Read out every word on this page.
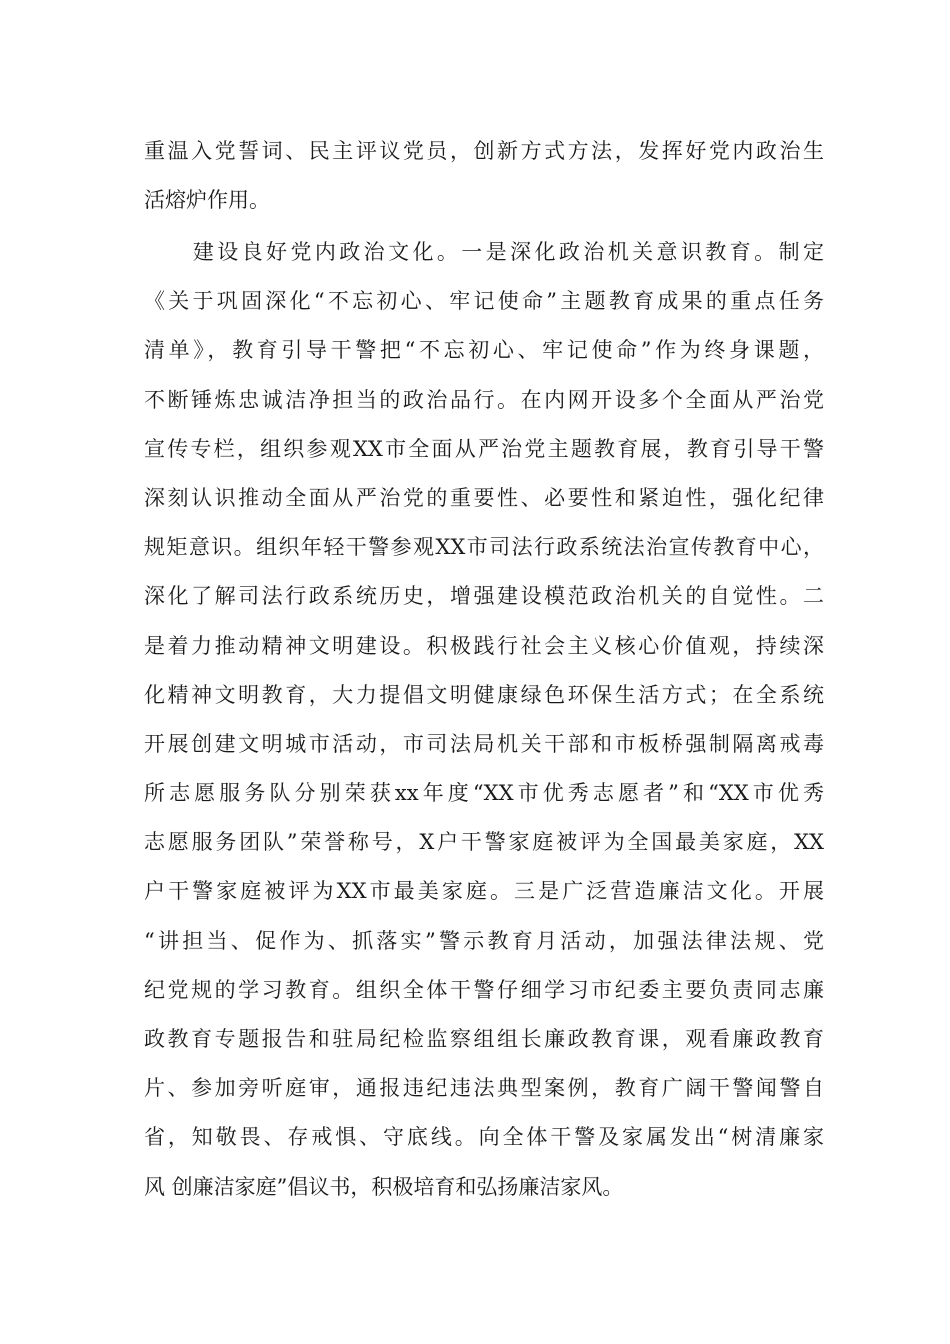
重温入党誓词、民主评议党员，创新方式方法，发挥好党内政治生
活熔炉作用。
　　建设良好党内政治文化。一是深化政治机关意识教育。制定
《关于巩固深化“不忘初心、牢记使命”主题教育成果的重点任务
清单》，教育引导干警把“不忘初心、牢记使命”作为终身课题，
不断锤炼忠诚洁净担当的政治品行。在内网开设多个全面从严治党
宣传专栏，组织参观XX市全面从严治党主题教育展，教育引导干警
深刻认识推动全面从严治党的重要性、必要性和紧迫性，强化纪律
规矩意识。组织年轻干警参观XX市司法行政系统法治宣传教育中心，
深化了解司法行政系统历史，增强建设模范政治机关的自觉性。二
是着力推动精神文明建设。积极践行社会主义核心价值观，持续深
化精神文明教育，大力提倡文明健康绿色环保生活方式；在全系统
开展创建文明城市活动，市司法局机关干部和市板桥强制隔离戒毒
所志愿服务队分别荣获xx年度“XX市优秀志愿者”和“XX市优秀
志愿服务团队”荣誉称号，X户干警家庭被评为全国最美家庭，XX
户干警家庭被评为XX市最美家庭。三是广泛营造廉洁文化。开展
“讲担当、促作为、抓落实”警示教育月活动，加强法律法规、党
纪党规的学习教育。组织全体干警仔细学习市纪委主要负责同志廉
政教育专题报告和驻局纪检监察组组长廉政教育课，观看廉政教育
片、参加旁听庭审，通报违纪违法典型案例，教育广阔干警闻警自
省，知敬畏、存戒惧、守底线。向全体干警及家属发出“树清廉家
风 创廉洁家庭”倡议书，积极培育和弘扬廉洁家风。
